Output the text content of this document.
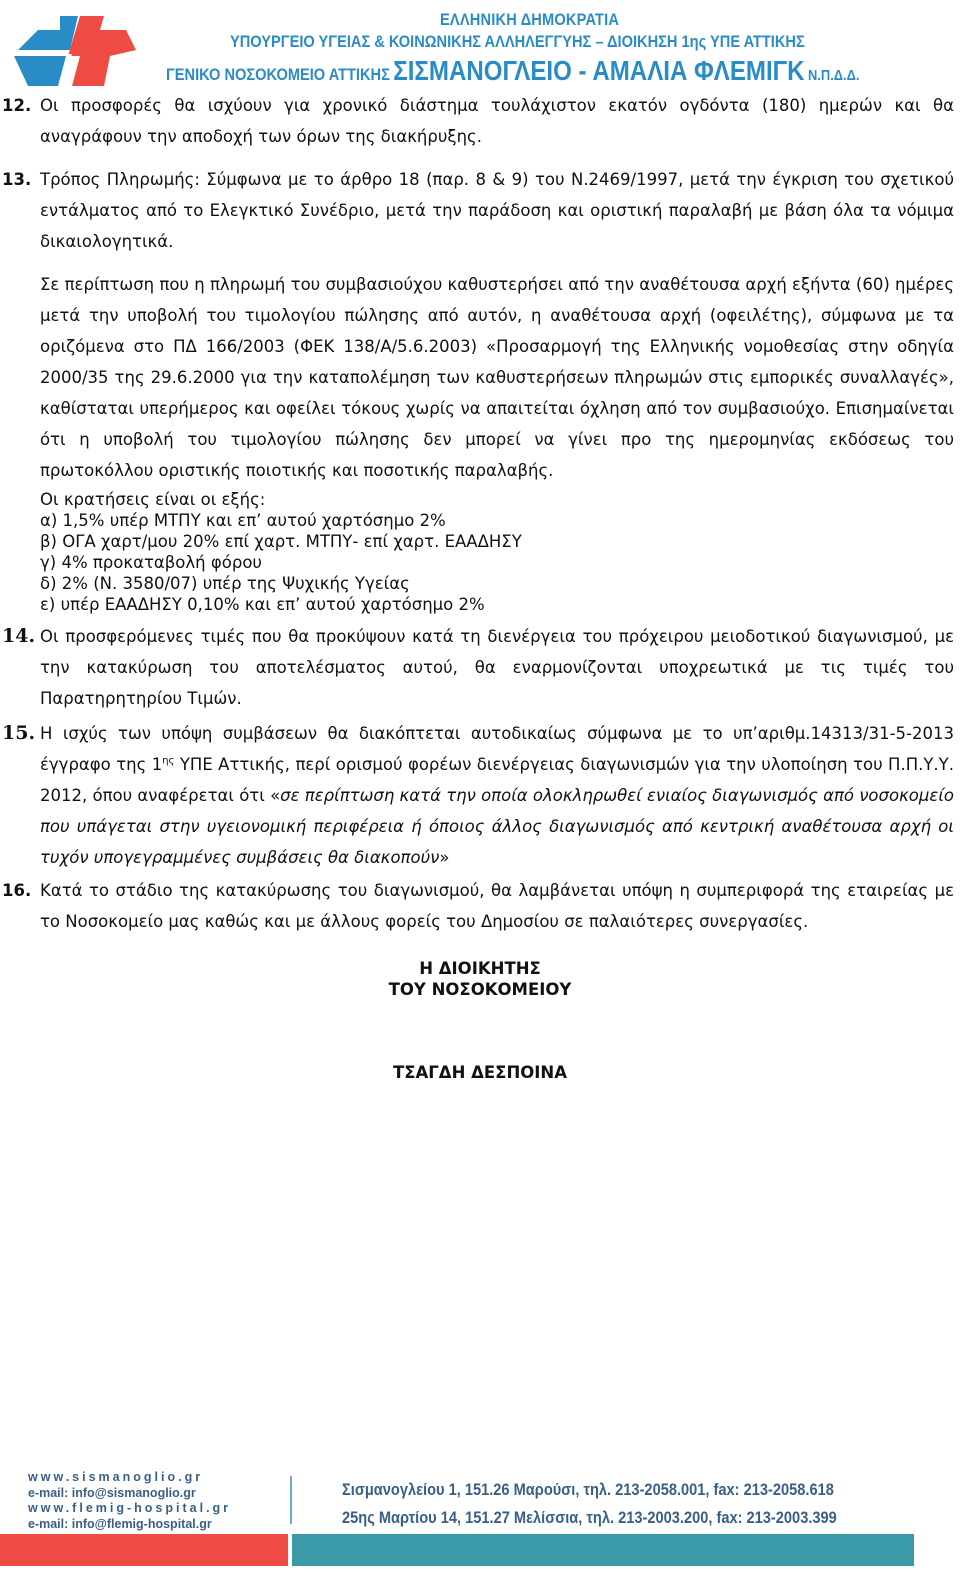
ΕΛΛΗΝΙΚΗ ΔΗΜΟΚΡΑΤΙΑ
ΥΠΟΥΡΓΕΙΟ ΥΓΕΙΑΣ & ΚΟΙΝΩΝΙΚΗΣ ΑΛΛΗΛΕΓΓΥΗΣ – ΔΙΟΙΚΗΣΗ 1ης ΥΠΕ ΑΤΤΙΚΗΣ
ΓΕΝΙΚΟ ΝΟΣΟΚΟΜΕΙΟ ΑΤΤΙΚΗΣ ΣΙΣΜΑΝΟΓΛΕΙΟ - ΑΜΑΛΙΑ ΦΛΕΜΙΓΚ Ν.Π.Δ.Δ.
12. Οι προσφορές θα ισχύουν για χρονικό διάστημα τουλάχιστον εκατόν ογδόντα (180) ημερών και θα αναγράφουν την αποδοχή των όρων της διακήρυξης.
13. Τρόπος Πληρωμής: Σύμφωνα με το άρθρο 18 (παρ. 8 & 9) του Ν.2469/1997, μετά την έγκριση του σχετικού εντάλματος από το Ελεγκτικό Συνέδριο, μετά την παράδοση και οριστική παραλαβή με βάση όλα τα νόμιμα δικαιολογητικά.

Σε περίπτωση που η πληρωμή του συμβασιούχου καθυστερήσει από την αναθέτουσα αρχή εξήντα (60) ημέρες μετά την υποβολή του τιμολογίου πώλησης από αυτόν, η αναθέτουσα αρχή (οφειλέτης), σύμφωνα με τα οριζόμενα στο ΠΔ 166/2003 (ΦΕΚ 138/Α/5.6.2003) «Προσαρμογή της Ελληνικής νομοθεσίας στην οδηγία 2000/35 της 29.6.2000 για την καταπολέμηση των καθυστερήσεων πληρωμών στις εμπορικές συναλλαγές», καθίσταται υπερήμερος και οφείλει τόκους χωρίς να απαιτείται όχληση από τον συμβασιούχο. Επισημαίνεται ότι η υποβολή του τιμολογίου πώλησης δεν μπορεί να γίνει προ της ημερομηνίας εκδόσεως του πρωτοκόλλου οριστικής ποιοτικής και ποσοτικής παραλαβής.

Οι κρατήσεις είναι οι εξής:
α) 1,5% υπέρ ΜΤΠΥ και επ’ αυτού χαρτόσημο 2%
β) ΟΓΑ χαρτ/μου 20% επί χαρτ. ΜΤΠΥ- επί χαρτ. ΕΑΑΔΗΣΥ
γ) 4% προκαταβολή φόρου
δ) 2% (Ν. 3580/07) υπέρ της Ψυχικής Υγείας
ε) υπέρ ΕΑΑΔΗΣΥ 0,10% και επ’ αυτού χαρτόσημο 2%
14. Οι προσφερόμενες τιμές που θα προκύψουν κατά τη διενέργεια του πρόχειρου μειοδοτικού διαγωνισμού, με την κατακύρωση του αποτελέσματος αυτού, θα εναρμονίζονται υποχρεωτικά με τις τιμές του Παρατηρητηρίου Τιμών.
15. Η ισχύς των υπόψη συμβάσεων θα διακόπτεται αυτοδικαίως σύμφωνα με το υπ’αριθμ.14313/31-5-2013 έγγραφο της $1^{\eta\varsigma}$ ΥΠΕ Αττικής, περί ορισμού φορέων διενέργειας διαγωνισμών για την υλοποίηση του Π.Π.Υ.Υ. 2012, όπου αναφέρεται ότι «σε περίπτωση κατά την οποία ολοκληρωθεί ενιαίος διαγωνισμός από νοσοκομείο που υπάγεται στην υγειονομική περιφέρεια ή όποιος άλλος διαγωνισμός από κεντρική αναθέτουσα αρχή οι τυχόν υπογεγραμμένες συμβάσεις θα διακοπούν»
16. Κατά το στάδιο της κατακύρωσης του διαγωνισμού, θα λαμβάνεται υπόψη η συμπεριφορά της εταιρείας με το Νοσοκομείο μας καθώς και με άλλους φορείς του Δημοσίου σε παλαιότερες συνεργασίες.
Η ΔΙΟΙΚΗΤΗΣ
ΤΟΥ ΝΟΣΟΚΟΜΕΙΟΥ
ΤΣΑΓΔΗ ΔΕΣΠΟΙΝΑ
www.sismanoglio.gr
e-mail: info@sismanoglio.gr
www.flemig-hospital.gr
e-mail: info@flemig-hospital.gr
Σισμανογλείου 1, 151.26 Μαρούσι, τηλ. 213-2058.001, fax: 213-2058.618
25ης Μαρτίου 14, 151.27 Μελίσσια, τηλ. 213-2003.200, fax: 213-2003.399
